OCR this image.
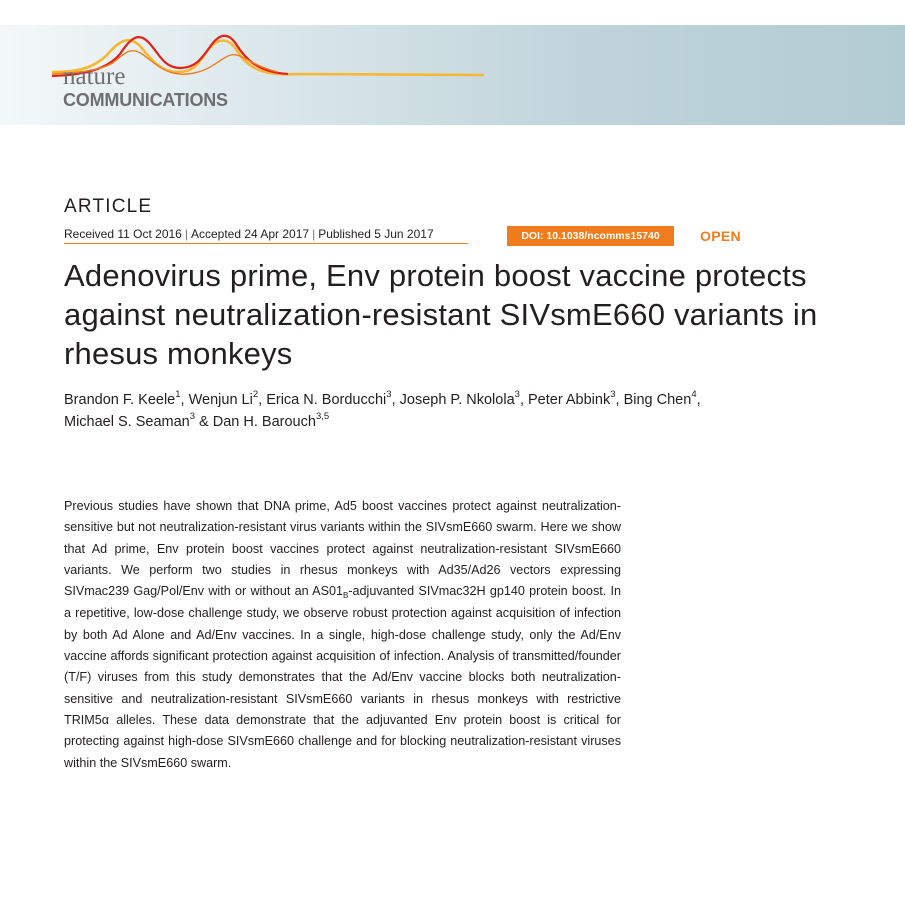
nature
COMMUNICATIONS
ARTICLE
Received 11 Oct 2016 | Accepted 24 Apr 2017 | Published 5 Jun 2017	DOI: 10.1038/ncomms15740	OPEN
Adenovirus prime, Env protein boost vaccine protects against neutralization-resistant SIVsmE660 variants in rhesus monkeys
Brandon F. Keele$^1$, Wenjun Li$^2$, Erica N. Borducchi$^3$, Joseph P. Nkolola$^3$, Peter Abbink$^3$, Bing Chen$^4$,
Michael S. Seaman$^3$ & Dan H. Barouch$^{3,5}$

Previous studies have shown that DNA prime, Ad5 boost vaccines protect against neutralization-sensitive but not neutralization-resistant virus variants within the SIVsmE660 swarm. Here we show that Ad prime, Env protein boost vaccines protect against neutralization-resistant SIVsmE660 variants. We perform two studies in rhesus monkeys with Ad35/Ad26 vectors expressing SIVmac239 Gag/Pol/Env with or without an $AS01_B$-adjuvanted SIVmac32H gp140 protein boost. In a repetitive, low-dose challenge study, we observe robust protection against acquisition of infection by both Ad Alone and Ad/Env vaccines. In a single, high-dose challenge study, only the Ad/Env vaccine affords significant protection against acquisition of infection. Analysis of transmitted/founder (T/F) viruses from this study demonstrates that the Ad/Env vaccine blocks both neutralization-sensitive and neutralization-resistant SIVsmE660 variants in rhesus monkeys with restrictive TRIM5α alleles. These data demonstrate that the adjuvanted Env protein boost is critical for protecting against high-dose SIVsmE660 challenge and for blocking neutralization-resistant viruses within the SIVsmE660 swarm.
